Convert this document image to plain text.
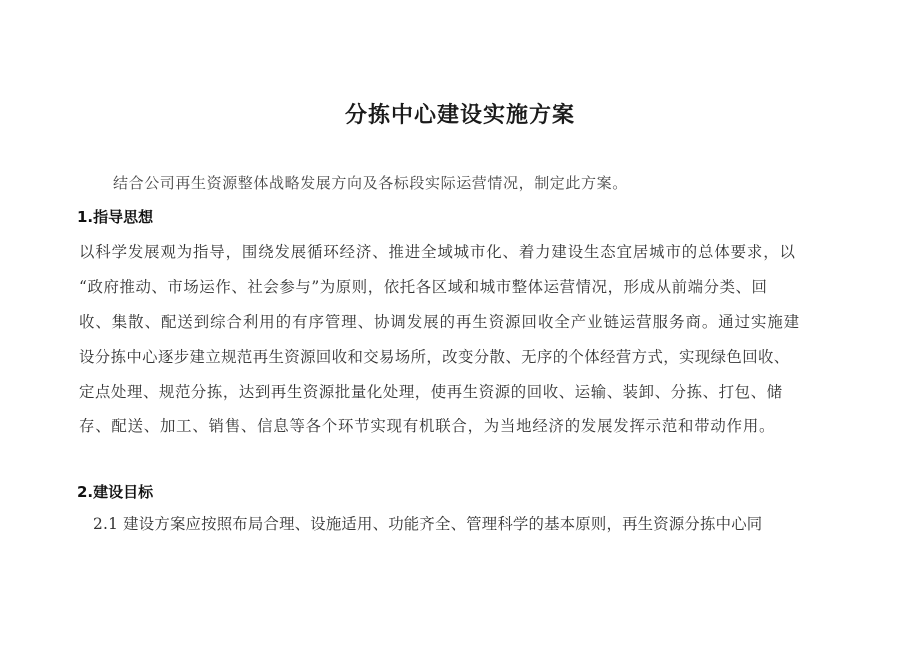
分拣中心建设实施方案
结合公司再生资源整体战略发展方向及各标段实际运营情况，制定此方案。
1.指导思想
以科学发展观为指导，围绕发展循环经济、推进全域城市化、着力建设生态宜居城市的总体要求，以
“政府推动、市场运作、社会参与”为原则，依托各区域和城市整体运营情况，形成从前端分类、回
收、集散、配送到综合利用的有序管理、协调发展的再生资源回收全产业链运营服务商。通过实施建
设分拣中心逐步建立规范再生资源回收和交易场所，改变分散、无序的个体经营方式，实现绿色回收、
定点处理、规范分拣，达到再生资源批量化处理，使再生资源的回收、运输、装卸、分拣、打包、储
存、配送、加工、销售、信息等各个环节实现有机联合，为当地经济的发展发挥示范和带动作用。
2.建设目标
2.1 建设方案应按照布局合理、设施适用、功能齐全、管理科学的基本原则，再生资源分拣中心同
